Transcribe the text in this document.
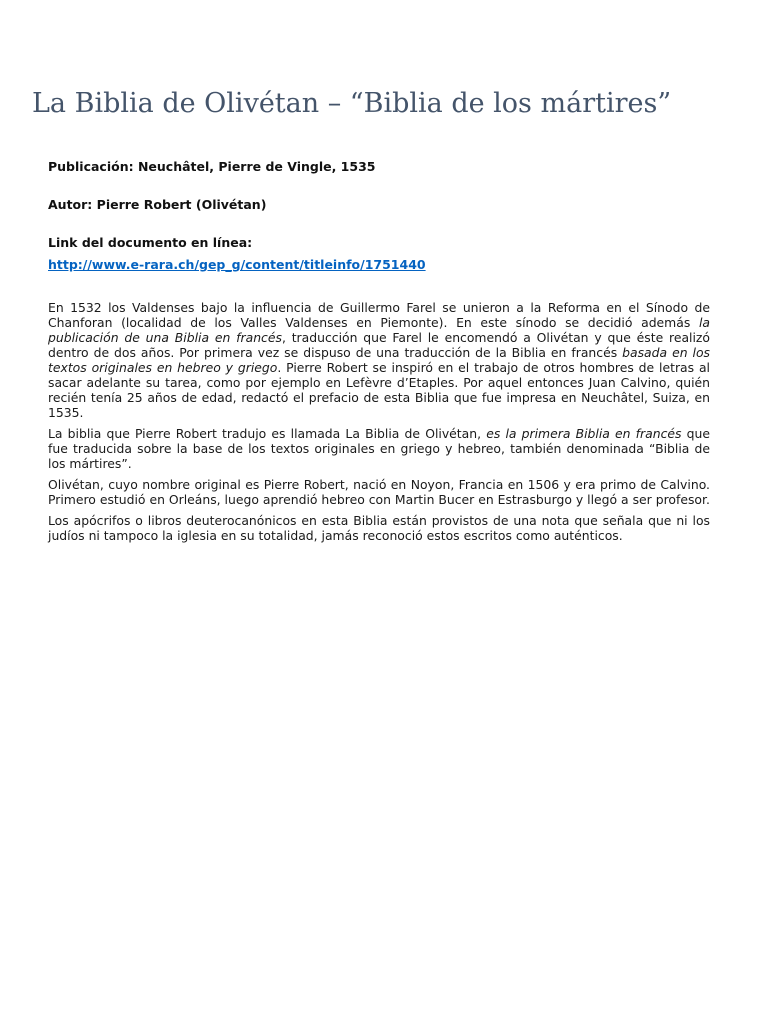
La Biblia de Olivétan – “Biblia de los mártires”

Publicación: Neuchâtel, Pierre de Vingle, 1535

Autor: Pierre Robert (Olivétan)

Link del documento en línea:

http://www.e-rara.ch/gep_g/content/titleinfo/1751440

En 1532 los Valdenses bajo la influencia de Guillermo Farel se unieron a la Reforma en el Sínodo de Chanforan (localidad de los Valles Valdenses en Piemonte). En este sínodo se decidió además la publicación de una Biblia en francés, traducción que Farel le encomendó a Olivétan y que éste realizó dentro de dos años. Por primera vez se dispuso de una traducción de la Biblia en francés basada en los textos originales en hebreo y griego. Pierre Robert se inspiró en el trabajo de otros hombres de letras al sacar adelante su tarea, como por ejemplo en Lefèvre d’Etaples. Por aquel entonces Juan Calvino, quién recién tenía 25 años de edad, redactó el prefacio de esta Biblia que fue impresa en Neuchâtel, Suiza, en 1535.

La biblia que Pierre Robert tradujo es llamada La Biblia de Olivétan, es la primera Biblia en francés que fue traducida sobre la base de los textos originales en griego y hebreo, también denominada “Biblia de los mártires”.

Olivétan, cuyo nombre original es Pierre Robert, nació en Noyon, Francia en 1506 y era primo de Calvino. Primero estudió en Orleáns, luego aprendió hebreo con Martin Bucer en Estrasburgo y llegó a ser profesor.

Los apócrifos o libros deuterocanónicos en esta Biblia están provistos de una nota que señala que ni los judíos ni tampoco la iglesia en su totalidad, jamás reconoció estos escritos como auténticos.
